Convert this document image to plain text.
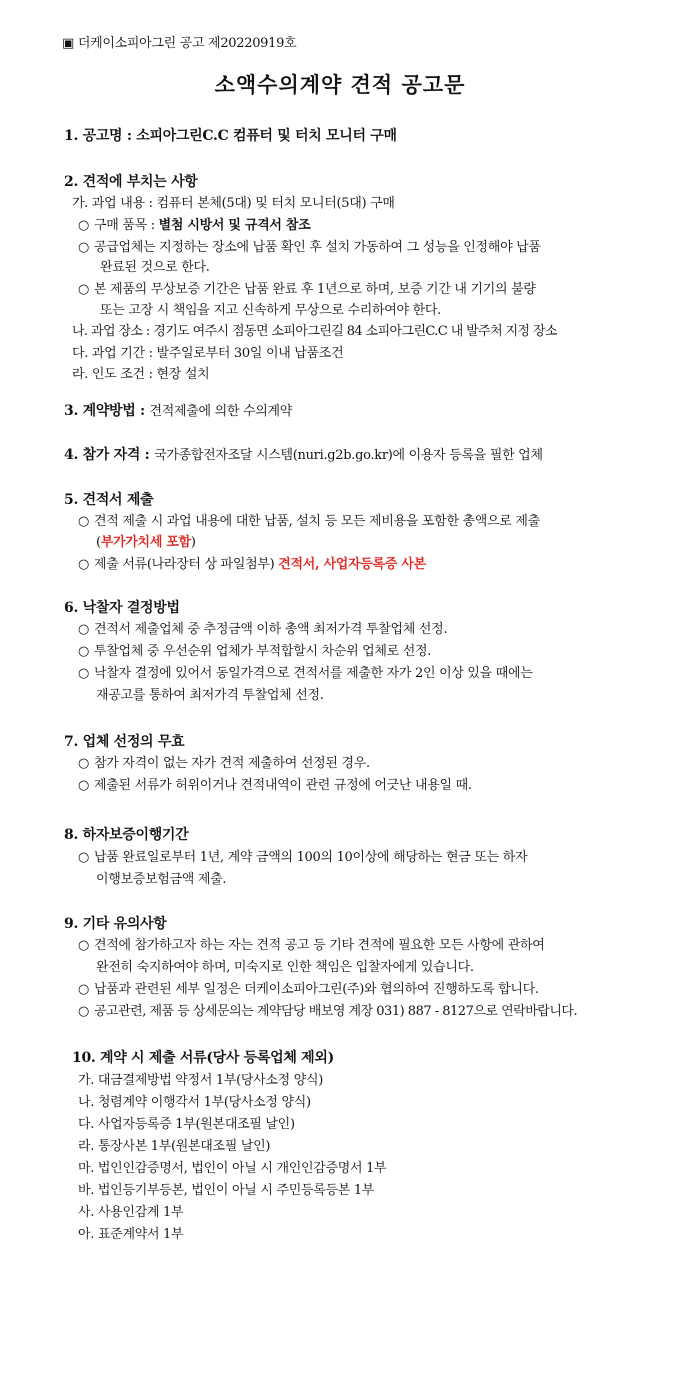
▣ 더케이소피아그린 공고 제20220919호
소액수의계약 견적 공고문
1. 공고명 : 소피아그린C.C 컴퓨터 및 터치 모니터 구매
2. 견적에 부치는 사항
가. 과업 내용 : 컴퓨터 본체(5대) 및 터치 모니터(5대) 구매
○ 구매 품목 : 별첨 시방서 및 규격서 참조
○ 공급업체는 지정하는 장소에 납품 확인 후 설치 가동하여 그 성능을 인정해야 납품
완료된 것으로 한다.
○ 본 제품의 무상보증 기간은 납품 완료 후 1년으로 하며, 보증 기간 내 기기의 불량
또는 고장 시 책임을 지고 신속하게 무상으로 수리하여야 한다.
나. 과업 장소 : 경기도 여주시 점동면 소피아그린길 84 소피아그린C.C 내 발주처 지정 장소
다. 과업 기간 : 발주일로부터 30일 이내 납품조건
라. 인도 조건 : 현장 설치
3. 계약방법 : 견적제출에 의한 수의계약
4. 참가 자격 : 국가종합전자조달 시스템(nuri.g2b.go.kr)에 이용자 등록을 필한 업체
5. 견적서 제출
○ 견적 제출 시 과업 내용에 대한 납품, 설치 등 모든 제비용을 포함한 총액으로 제출
(부가가치세 포함)
○ 제출 서류(나라장터 상 파일첨부) 견적서, 사업자등록증 사본
6. 낙찰자 결정방법
○ 견적서 제출업체 중 추정금액 이하 총액 최저가격 투찰업체 선정.
○ 투찰업체 중 우선순위 업체가 부적합할시 차순위 업체로 선정.
○ 낙찰자 결정에 있어서 동일가격으로 견적서를 제출한 자가 2인 이상 있을 때에는
재공고를 통하여 최저가격 투찰업체 선정.
7. 업체 선정의 무효
○ 참가 자격이 없는 자가 견적 제출하여 선정된 경우.
○ 제출된 서류가 허위이거나 견적내역이 관련 규정에 어긋난 내용일 때.
8. 하자보증이행기간
○ 납품 완료일로부터 1년, 계약 금액의 100의 10이상에 해당하는 현금 또는 하자
이행보증보험금액 제출.
9. 기타 유의사항
○ 견적에 참가하고자 하는 자는 견적 공고 등 기타 견적에 필요한 모든 사항에 관하여
완전히 숙지하여야 하며, 미숙지로 인한 책임은 입찰자에게 있습니다.
○ 납품과 관련된 세부 일정은 더케이소피아그린(주)와 협의하여 진행하도록 합니다.
○ 공고관련, 제품 등 상세문의는 계약담당 배보영 계장 031) 887 - 8127으로 연락바랍니다.
10. 계약 시 제출 서류(당사 등록업체 제외)
가. 대금결제방법 약정서 1부(당사소정 양식)
나. 청렴계약 이행각서 1부(당사소정 양식)
다. 사업자등록증 1부(원본대조필 날인)
라. 통장사본 1부(원본대조필 날인)
마. 법인인감증명서, 법인이 아닐 시 개인인감증명서 1부
바. 법인등기부등본, 법인이 아닐 시 주민등록등본 1부
사. 사용인감계 1부
아. 표준계약서 1부
